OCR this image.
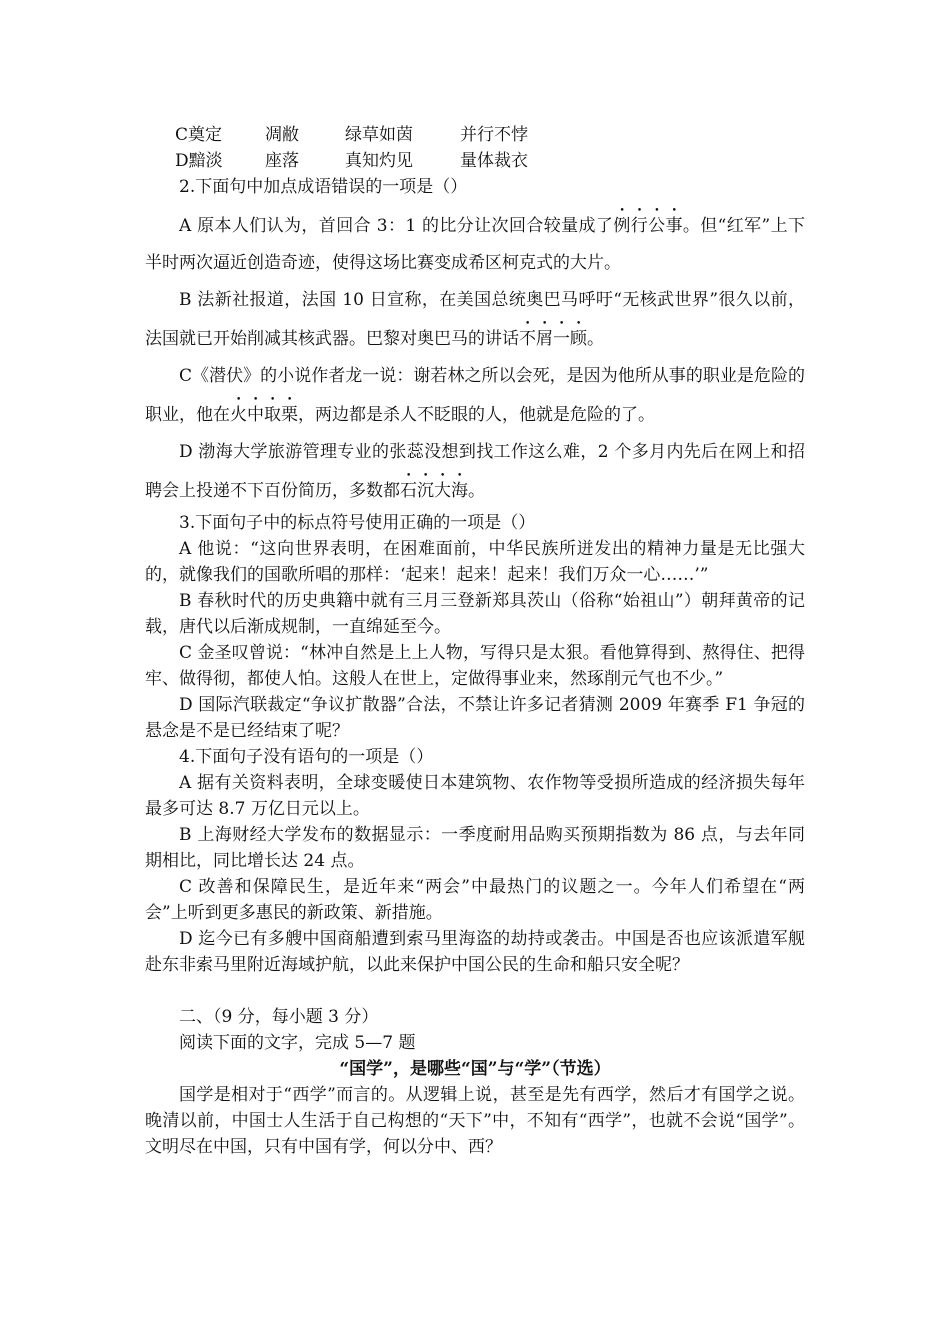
C奠定	凋敝	绿草如茵	并行不悖
D黯淡	座落	真知灼见	量体裁衣

2.下面句中加点成语错误的一项是（）

A 原本人们认为，首回合 3：1 的比分让次回合较量成了例行公事。但“红军”上下半时两次逼近创造奇迹，使得这场比赛变成希区柯克式的大片。

B 法新社报道，法国 10 日宣称，在美国总统奥巴马呼吁“无核武世界”很久以前，法国就已开始削减其核武器。巴黎对奥巴马的讲话不屑一顾。

C《潜伏》的小说作者龙一说：谢若林之所以会死，是因为他所从事的职业是危险的职业，他在火中取栗，两边都是杀人不眨眼的人，他就是危险的了。

D 渤海大学旅游管理专业的张蕊没想到找工作这么难，2 个多月内先后在网上和招聘会上投递不下百份简历，多数都石沉大海。

3.下面句子中的标点符号使用正确的一项是（）

A 他说：“这向世界表明，在困难面前，中华民族所迸发出的精神力量是无比强大的，就像我们的国歌所唱的那样：‘起来！起来！起来！我们万众一心……’”

B 春秋时代的历史典籍中就有三月三登新郑具茨山（俗称“始祖山”）朝拜黄帝的记载，唐代以后渐成规制，一直绵延至今。

C 金圣叹曾说：“林冲自然是上上人物，写得只是太狠。看他算得到、熬得住、把得牢、做得彻，都使人怕。这般人在世上，定做得事业来，然琢削元气也不少。”

D 国际汽联裁定“争议扩散器”合法，不禁让许多记者猜测 2009 年赛季 F1 争冠的悬念是不是已经结束了呢？

4.下面句子没有语句的一项是（）

A 据有关资料表明，全球变暖使日本建筑物、农作物等受损所造成的经济损失每年最多可达 8.7 万亿日元以上。

B 上海财经大学发布的数据显示：一季度耐用品购买预期指数为 86 点，与去年同期相比，同比增长达 24 点。

C 改善和保障民生，是近年来“两会”中最热门的议题之一。今年人们希望在“两会”上听到更多惠民的新政策、新措施。

D 迄今已有多艘中国商船遭到索马里海盗的劫持或袭击。中国是否也应该派遣军舰赴东非索马里附近海域护航，以此来保护中国公民的生命和船只安全呢？

二、（9 分，每小题 3 分）

阅读下面的文字，完成 5—7 题

“国学”，是哪些“国”与“学”（节选）

国学是相对于“西学”而言的。从逻辑上说，甚至是先有西学，然后才有国学之说。晚清以前，中国士人生活于自己构想的“天下”中，不知有“西学”，也就不会说“国学”。文明尽在中国，只有中国有学，何以分中、西？
